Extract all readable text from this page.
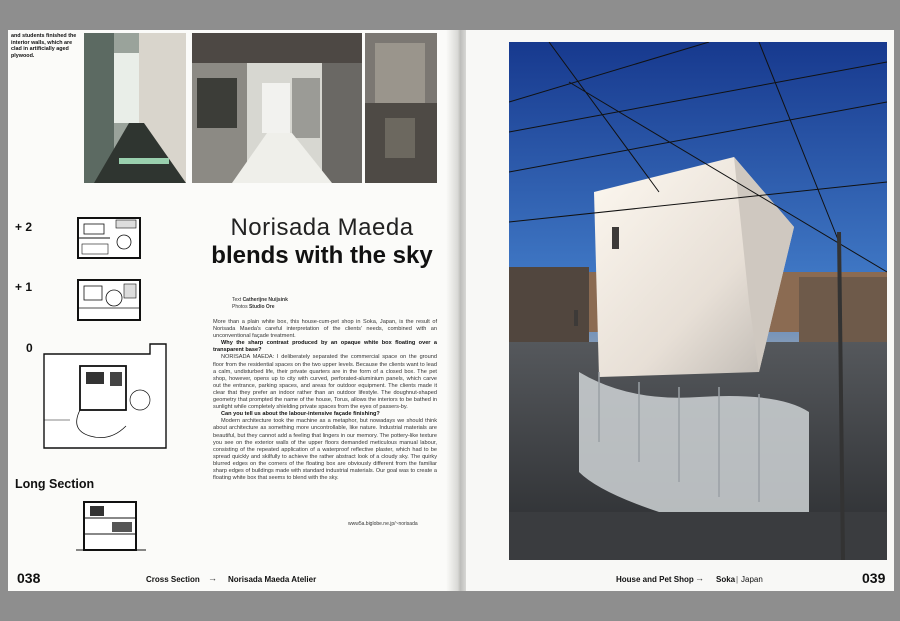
and students finished the interior walls, which are clad in artificially aged plywood.
+ 2
+ 1
0
Long Section
Norisada Maeda
blends with the sky
Text Catherijne Nuijsink
Photos Studio Ore

More than a plain white box, this house-cum-pet shop in Soka, Japan, is the result of Norisada Maeda's careful interpretation of the clients' needs, combined with an unconventional façade treatment.

Why the sharp contrast produced by an opaque white box floating over a transparent base?

NORISADA MAEDA: I deliberately separated the commercial space on the ground floor from the residential spaces on the two upper levels. Because the clients want to lead a calm, undisturbed life, their private quarters are in the form of a closed box. The pet shop, however, opens up to city with curved, perforated-aluminium panels, which carve out the entrance, parking spaces, and areas for outdoor equipment. The clients made it clear that they prefer an indoor rather than an outdoor lifestyle. The doughnut-shaped geometry that prompted the name of the house, Torus, allows the interiors to be bathed in sunlight while completely shielding private spaces from the eyes of passers-by.

Can you tell us about the labour-intensive façade finishing?

Modern architecture took the machine as a metaphor, but nowadays we should think about architecture as something more uncontrollable, like nature. Industrial materials are beautiful, but they cannot add a feeling that lingers in our memory. The pottery-like texture you see on the exterior walls of the upper floors demanded meticulous manual labour, consisting of the repeated application of a waterproof reflective plaster, which had to be spread quickly and skilfully to achieve the rather abstract look of a cloudy sky. The quirky blurred edges on the corners of the floating box are obviously different from the familiar sharp edges of buildings made with standard industrial materials. Our goal was to create a floating white box that seems to blend with the sky.

www5a.biglobe.ne.jp/~norisada
038	Cross Section → Norisada Maeda Atelier	House and Pet Shop → Soka | Japan	039
